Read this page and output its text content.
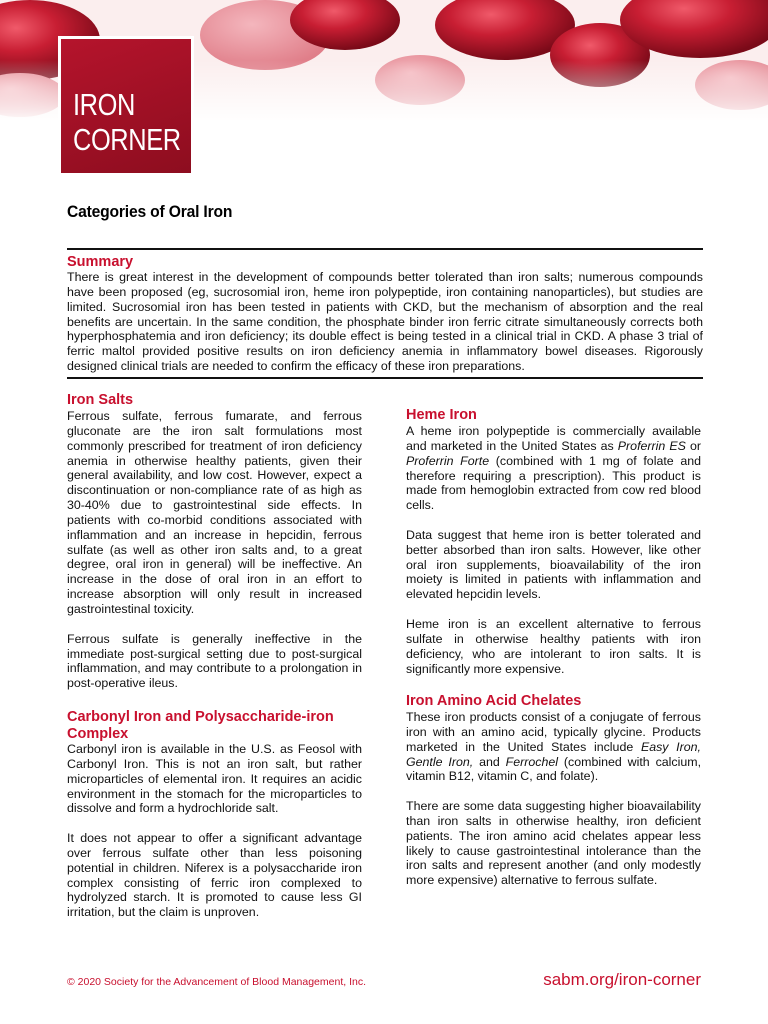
IRON
CORNER
Categories of Oral Iron
Summary

There is great interest in the development of compounds better tolerated than iron salts; numerous compounds have been proposed (eg, sucrosomial iron, heme iron polypeptide, iron containing nanoparticles), but studies are limited. Sucrosomial iron has been tested in patients with CKD, but the mechanism of absorption and the real benefits are uncertain. In the same condition, the phosphate binder iron ferric citrate simultaneously corrects both hyperphosphatemia and iron deficiency; its double effect is being tested in a clinical trial in CKD. A phase 3 trial of ferric maltol provided positive results on iron deficiency anemia in inflammatory bowel diseases. Rigorously designed clinical trials are needed to confirm the efficacy of these iron preparations.

Iron Salts

Ferrous sulfate, ferrous fumarate, and ferrous gluconate are the iron salt formulations most commonly prescribed for treatment of iron deficiency anemia in otherwise healthy patients, given their general availability, and low cost. However, expect a discontinuation or non-compliance rate of as high as 30-40% due to gastrointestinal side effects. In patients with co-morbid conditions associated with inflammation and an increase in hepcidin, ferrous sulfate (as well as other iron salts and, to a great degree, oral iron in general) will be ineffective. An increase in the dose of oral iron in an effort to increase absorption will only result in increased gastrointestinal toxicity.

Ferrous sulfate is generally ineffective in the immediate post-surgical setting due to post-surgical inflammation, and may contribute to a prolongation in post-operative ileus.

Carbonyl Iron and Polysaccharide-iron Complex

Carbonyl iron is available in the U.S. as Feosol with Carbonyl Iron. This is not an iron salt, but rather microparticles of elemental iron. It requires an acidic environment in the stomach for the microparticles to dissolve and form a hydrochloride salt.

It does not appear to offer a significant advantage over ferrous sulfate other than less poisoning potential in children. Niferex is a polysaccharide iron complex consisting of ferric iron complexed to hydrolyzed starch. It is promoted to cause less GI irritation, but the claim is unproven.

Heme Iron

A heme iron polypeptide is commercially available and marketed in the United States as Proferrin ES or Proferrin Forte (combined with 1 mg of folate and therefore requiring a prescription). This product is made from hemoglobin extracted from cow red blood cells.

Data suggest that heme iron is better tolerated and better absorbed than iron salts. However, like other oral iron supplements, bioavailability of the iron moiety is limited in patients with inflammation and elevated hepcidin levels.

Heme iron is an excellent alternative to ferrous sulfate in otherwise healthy patients with iron deficiency, who are intolerant to iron salts. It is significantly more expensive.

Iron Amino Acid Chelates

These iron products consist of a conjugate of ferrous iron with an amino acid, typically glycine. Products marketed in the United States include Easy Iron, Gentle Iron, and Ferrochel (combined with calcium, vitamin B12, vitamin C, and folate).

There are some data suggesting higher bioavailability than iron salts in otherwise healthy, iron deficient patients. The iron amino acid chelates appear less likely to cause gastrointestinal intolerance than the iron salts and represent another (and only modestly more expensive) alternative to ferrous sulfate.

© 2020 Society for the Advancement of Blood Management, Inc.	sabm.org/iron-corner
